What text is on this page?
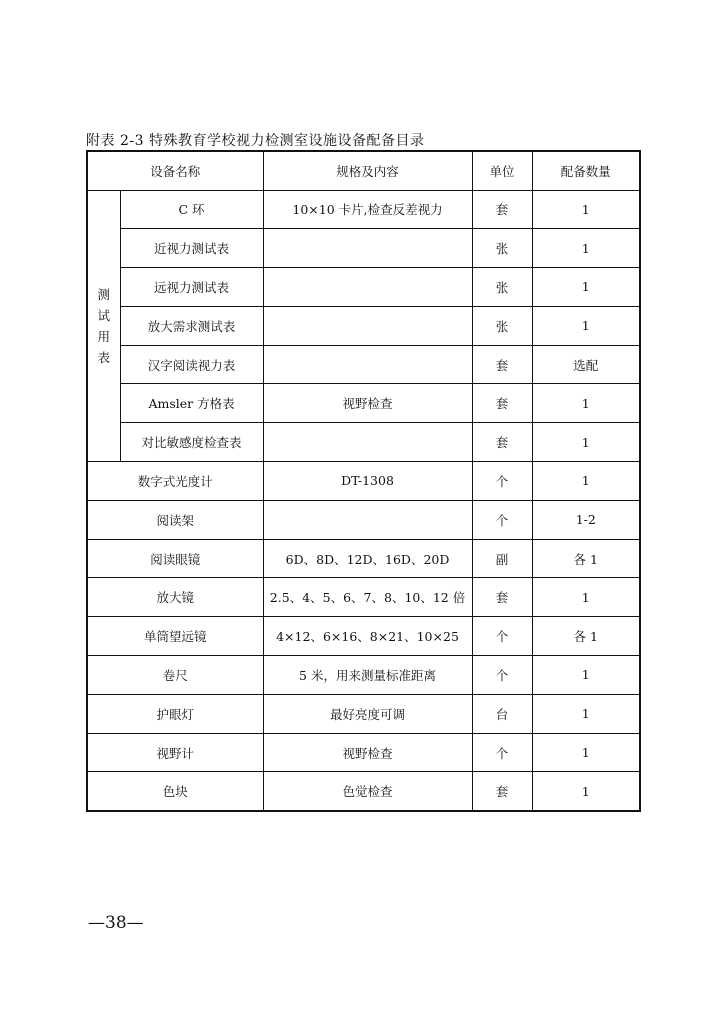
附表 2-3 特殊教育学校视力检测室设施设备配备目录
设备名称		规格及内容	单位	配备数量

测
试
用
表	C 环	10×10 卡片,检查反差视力	套	1
	近视力测试表		张	1
	远视力测试表		张	1
	放大需求测试表		张	1
	汉字阅读视力表		套	选配
	Amsler 方格表	视野检查	套	1
	对比敏感度检查表		套	1
数字式光度计		DT-1308	个	1
阅读架			个	1-2
阅读眼镜		6D、8D、12D、16D、20D	副	各 1
放大镜		2.5、4、5、6、7、8、10、12 倍	套	1
单筒望远镜		4×12、6×16、8×21、10×25	个	各 1
卷尺		5 米，用来测量标准距离	个	1
护眼灯		最好亮度可调	台	1
视野计		视野检查	个	1
色块		色觉检查	套	1
—38—
